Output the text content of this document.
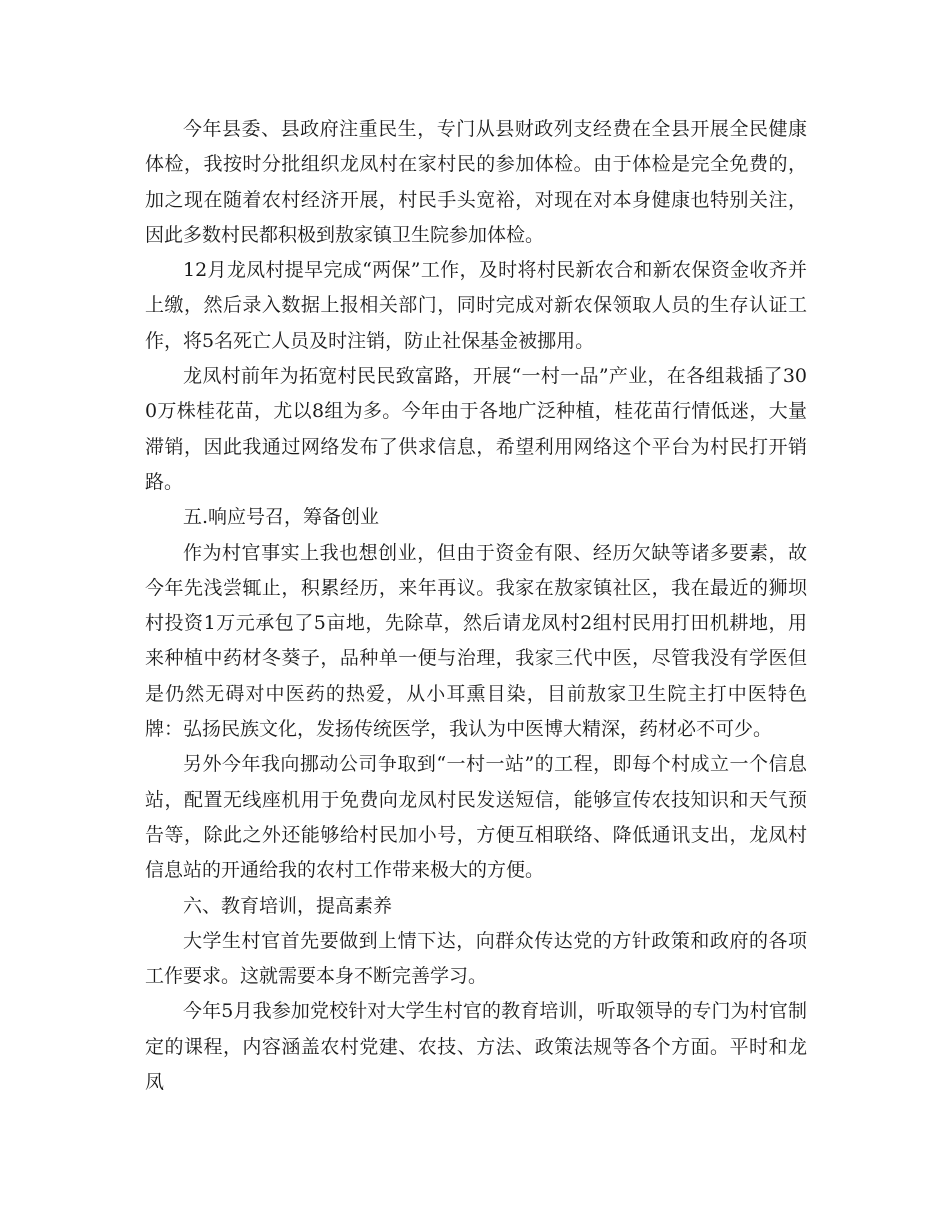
今年县委、县政府注重民生，专门从县财政列支经费在全县开展全民健康体检，我按时分批组织龙凤村在家村民的参加体检。由于体检是完全免费的，加之现在随着农村经济开展，村民手头宽裕，对现在对本身健康也特别关注，因此多数村民都积极到敖家镇卫生院参加体检。

12月龙凤村提早完成“两保”工作，及时将村民新农合和新农保资金收齐并上缴，然后录入数据上报相关部门，同时完成对新农保领取人员的生存认证工作，将5名死亡人员及时注销，防止社保基金被挪用。

龙凤村前年为拓宽村民民致富路，开展“一村一品”产业，在各组栽插了300万株桂花苗，尤以8组为多。今年由于各地广泛种植，桂花苗行情低迷，大量滞销，因此我通过网络发布了供求信息，希望利用网络这个平台为村民打开销路。

五.响应号召，筹备创业

作为村官事实上我也想创业，但由于资金有限、经历欠缺等诸多要素，故今年先浅尝辄止，积累经历，来年再议。我家在敖家镇社区，我在最近的狮坝村投资1万元承包了5亩地，先除草，然后请龙凤村2组村民用打田机耕地，用来种植中药材冬葵子，品种单一便与治理，我家三代中医，尽管我没有学医但是仍然无碍对中医药的热爱，从小耳熏目染，目前敖家卫生院主打中医特色牌：弘扬民族文化，发扬传统医学，我认为中医博大精深，药材必不可少。

另外今年我向挪动公司争取到“一村一站”的工程，即每个村成立一个信息站，配置无线座机用于免费向龙凤村民发送短信，能够宣传农技知识和天气预告等，除此之外还能够给村民加小号，方便互相联络、降低通讯支出，龙凤村信息站的开通给我的农村工作带来极大的方便。

六、教育培训，提高素养

大学生村官首先要做到上情下达，向群众传达党的方针政策和政府的各项工作要求。这就需要本身不断完善学习。

今年5月我参加党校针对大学生村官的教育培训，听取领导的专门为村官制定的课程，内容涵盖农村党建、农技、方法、政策法规等各个方面。平时和龙凤
